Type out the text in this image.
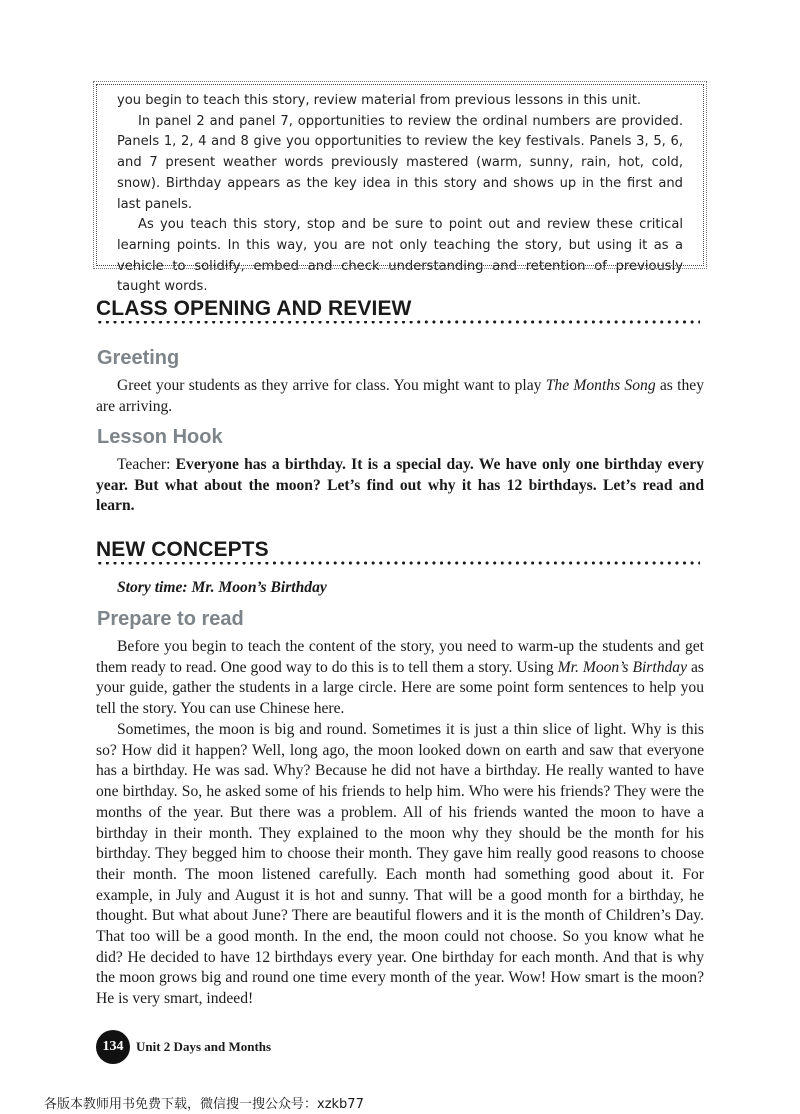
you begin to teach this story, review material from previous lessons in this unit.

In panel 2 and panel 7, opportunities to review the ordinal numbers are provided. Panels 1, 2, 4 and 8 give you opportunities to review the key festivals. Panels 3, 5, 6, and 7 present weather words previously mastered (warm, sunny, rain, hot, cold, snow). Birthday appears as the key idea in this story and shows up in the first and last panels.

As you teach this story, stop and be sure to point out and review these critical learning points. In this way, you are not only teaching the story, but using it as a vehicle to solidify, embed and check understanding and retention of previously taught words.

CLASS OPENING AND REVIEW
Greeting

Greet your students as they arrive for class. You might want to play The Months Song as they are arriving.

Lesson Hook

Teacher: Everyone has a birthday. It is a special day. We have only one birthday every year. But what about the moon? Let’s find out why it has 12 birthdays. Let’s read and learn.

NEW CONCEPTS
Story time: Mr. Moon’s Birthday
Prepare to read

Before you begin to teach the content of the story, you need to warm-up the students and get them ready to read. One good way to do this is to tell them a story. Using Mr. Moon’s Birthday as your guide, gather the students in a large circle. Here are some point form sentences to help you tell the story. You can use Chinese here.

Sometimes, the moon is big and round. Sometimes it is just a thin slice of light. Why is this so? How did it happen? Well, long ago, the moon looked down on earth and saw that everyone has a birthday. He was sad. Why? Because he did not have a birthday. He really wanted to have one birthday. So, he asked some of his friends to help him. Who were his friends? They were the months of the year. But there was a problem. All of his friends wanted the moon to have a birthday in their month. They explained to the moon why they should be the month for his birthday. They begged him to choose their month. They gave him really good reasons to choose their month. The moon listened carefully. Each month had something good about it. For example, in July and August it is hot and sunny. That will be a good month for a birthday, he thought. But what about June? There are beautiful flowers and it is the month of Children’s Day. That too will be a good month. In the end, the moon could not choose. So you know what he did? He decided to have 12 birthdays every year. One birthday for each month. And that is why the moon grows big and round one time every month of the year. Wow! How smart is the moon? He is very smart, indeed!

134 Unit 2 Days and Months
各版本教师用书免费下载，微信搜一搜公众号：xzkb77
